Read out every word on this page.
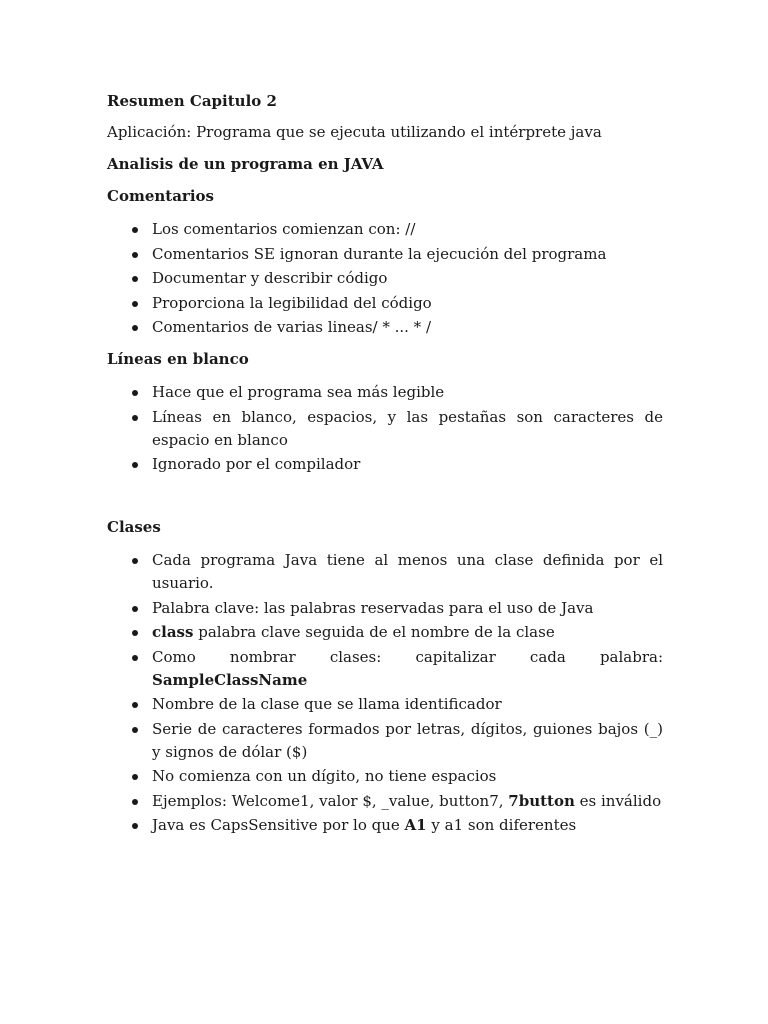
Resumen Capitulo 2

Aplicación: Programa que se ejecuta utilizando el intérprete java

Analisis de un programa en JAVA

Comentarios

Los comentarios comienzan con: //
Comentarios SE ignoran durante la ejecución del programa
Documentar y describir código
Proporciona la legibilidad del código
Comentarios de varias lineas/ * ... * /

Líneas en blanco

Hace que el programa sea más legible
Líneas en blanco, espacios, y las pestañas son caracteres de espacio en blanco
Ignorado por el compilador

Clases

Cada programa Java tiene al menos una clase definida por el usuario.
Palabra clave: las palabras reservadas para el uso de Java
class palabra clave seguida de el nombre de la clase
Como nombrar clases: capitalizar cada palabra: SampleClassName
Nombre de la clase que se llama identificador
Serie de caracteres formados por letras, dígitos, guiones bajos (_) y signos de dólar ($)
No comienza con un dígito, no tiene espacios
Ejemplos: Welcome1, valor $, _value, button7, 7button es inválido
Java es CapsSensitive por lo que A1 y a1 son diferentes
